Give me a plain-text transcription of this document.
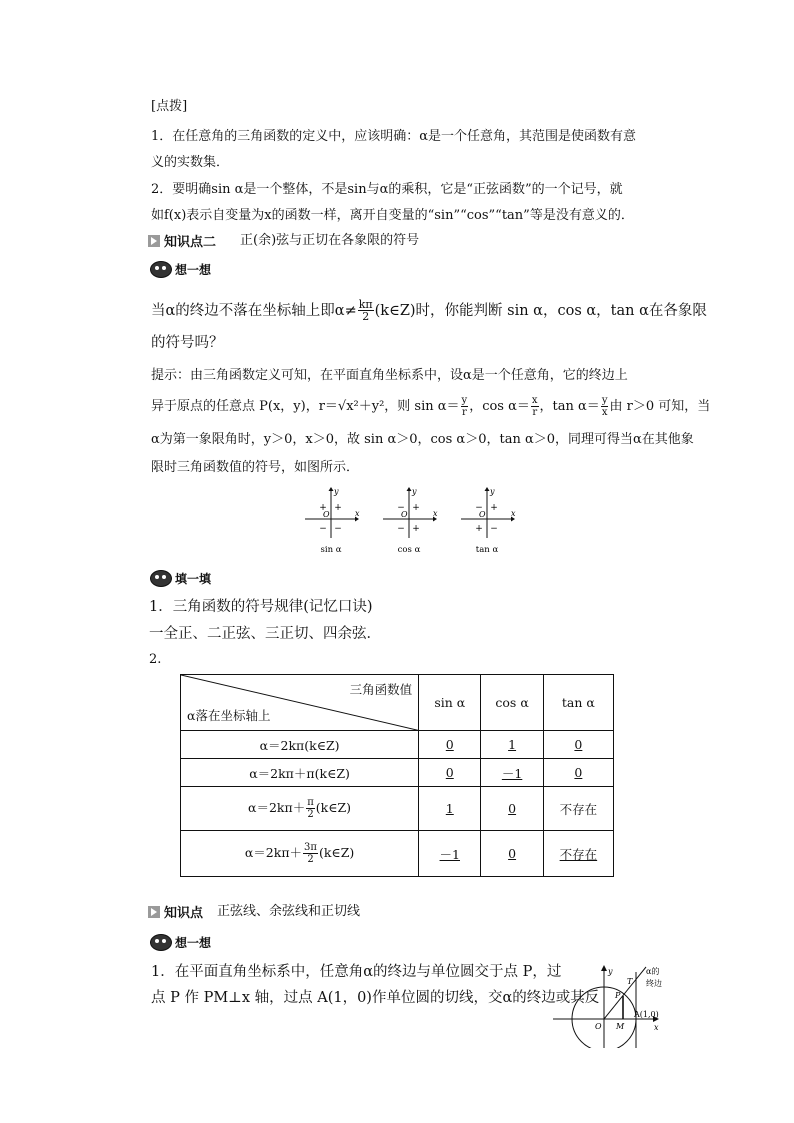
[点拨]
1．在任意角的三角函数的定义中，应该明确：α是一个任意角，其范围是使函数有意
义的实数集．
2．要明确sin α是一个整体，不是sin与α的乘积，它是“正弦函数”的一个记号，就
如f(x)表示自变量为x的函数一样，离开自变量的“sin”“cos”“tan”等是没有意义的．
知识点二 正(余)弦与正切在各象限的符号
想一想
当α的终边不落在坐标轴上即$\alpha\ne \frac{k\pi}{2}$ (k∈Z)时，你能判断 sin α，cos α，tan α在各象限
的符号吗？
提示：由三角函数定义可知，在平面直角坐标系中，设α是一个任意角，它的终边上
异于原点的任意点 P(x，y)，r＝√x²＋y²，则 $\sin \alpha= \frac{y}{r}$ ，$\cos \alpha= \frac{x}{r}$ ，$\tan \alpha= \frac{y}{x}$ 由 r＞0 可知，当
α为第一象限角时，y＞0，x＞0，故 sin α＞0，cos α＞0，tan α＞0，同理可得当α在其他象
限时三角函数值的符号，如图所示．
y
x
O
+
+
− −
sin α
y
x
O
+
−
− +
cos α
y
x
O
+
−
+ −
tan α
填一填
1．三角函数的符号规律(记忆口诀)
一全正、二正弦、三正切、四余弦．
2.
三角函数值
α落在坐标轴上	sin α	cos α	tan α
α＝2kπ(k∈Z)	0	1	0
α＝2kπ＋π(k∈Z)	0	－1	0
$\alpha=2k\pi+ \frac{\pi}{2}$ (k∈Z)	1	0	不存在
$\alpha=2k\pi+ \frac{3\pi}{2}$ (k∈Z)	－1	0	不存在
知识点 正弦线、余弦线和正切线
想一想
1．在平面直角坐标系中，任意角α的终边与单位圆交于点 P，过
点 P 作 PM⊥x 轴，过点 A(1，0)作单位圆的切线，交α的终边或其反
y
x
O M
P
T
A(1,0)
α的
终边
